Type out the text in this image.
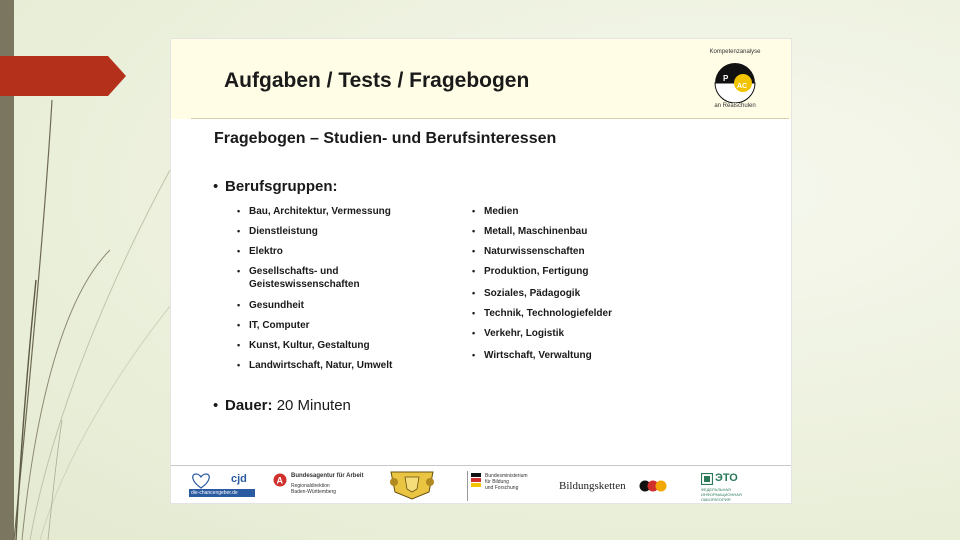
Aufgaben / Tests / Fragebogen
Kompetenzanalyse
P
AC
an Realschulen
Fragebogen – Studien- und Berufsinteressen
• Berufsgruppen:
• Bau, Architektur, Vermessung
• Dienstleistung
• Elektro
• Gesellschafts- und
Geisteswissenschaften
• Gesundheit
• IT, Computer
• Kunst, Kultur, Gestaltung
• Landwirtschaft, Natur, Umwelt
• Medien
• Metall, Maschinenbau
• Naturwissenschaften
• Produktion, Fertigung
• Soziales, Pädagogik
• Technik, Technologiefelder
• Verkehr, Logistik
• Wirtschaft, Verwaltung
• Dauer: 20 Minuten
cjd
die-chancengeber.de
A Bundesagentur für Arbeit
Regionaldirektion
Baden-Württemberg
Bundesministerium
für Bildung
und Forschung	Bildungsketten
ЭТО
ФЕДЕРАЛЬНАЯ
ИНФОРМАЦИОННАЯ
ЛАБОРАТОРИЯ
